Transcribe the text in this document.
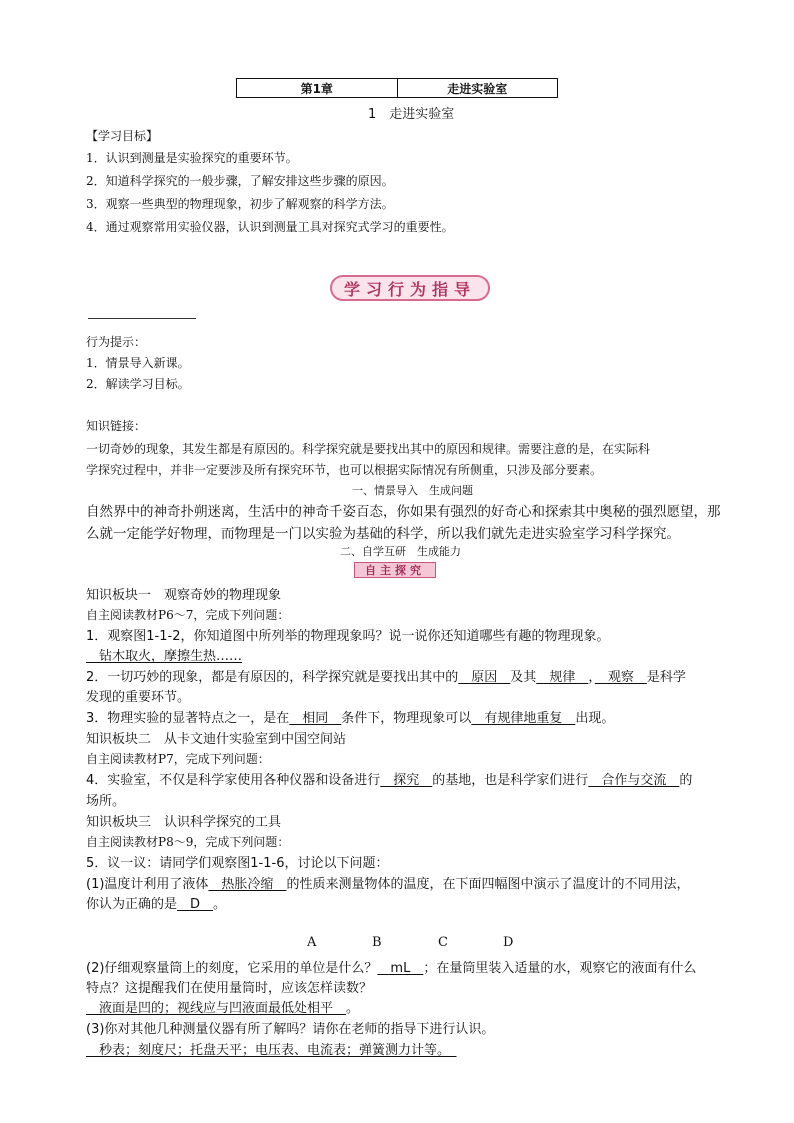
第1章	走进实验室
1　走进实验室
【学习目标】
1．认识到测量是实验探究的重要环节。
2．知道科学探究的一般步骤，了解安排这些步骤的原因。
3．观察一些典型的物理现象，初步了解观察的科学方法。
4．通过观察常用实验仪器，认识到测量工具对探究式学习的重要性。
学习行为指导
行为提示：
1．情景导入新课。
2．解读学习目标。
知识链接：
一切奇妙的现象，其发生都是有原因的。科学探究就是要找出其中的原因和规律。需要注意的是，在实际科
学探究过程中，并非一定要涉及所有探究环节，也可以根据实际情况有所侧重，只涉及部分要素。
一、情景导入　生成问题
自然界中的神奇扑朔迷离，生活中的神奇千姿百态，你如果有强烈的好奇心和探索其中奥秘的强烈愿望，那
么就一定能学好物理，而物理是一门以实验为基础的科学，所以我们就先走进实验室学习科学探究。
二、自学互研　生成能力
自主探究
知识板块一　观察奇妙的物理现象
自主阅读教材P6～7，完成下列问题：
1．观察图1-1-2，你知道图中所列举的物理现象吗？说一说你还知道哪些有趣的物理现象。
　钻木取火，摩擦生热……
2．一切巧妙的现象，都是有原因的，科学探究就是要找出其中的　原因　及其　规律　，　观察　是科学
发现的重要环节。
3．物理实验的显著特点之一，是在　相同　条件下，物理现象可以　有规律地重复　出现。
知识板块二　从卡文迪什实验室到中国空间站
自主阅读教材P7，完成下列问题：
4．实验室，不仅是科学家使用各种仪器和设备进行　探究　的基地，也是科学家们进行　合作与交流　的
场所。
知识板块三　认识科学探究的工具
自主阅读教材P8～9，完成下列问题：
5．议一议：请同学们观察图1-1-6，讨论以下问题：
(1)温度计利用了液体　热胀冷缩　的性质来测量物体的温度，在下面四幅图中演示了温度计的不同用法，
你认为正确的是　D　。
A	B	C	D
(2)仔细观察量筒上的刻度，它采用的单位是什么？　mL　；在量筒里装入适量的水，观察它的液面有什么
特点？这提醒我们在使用量筒时，应该怎样读数？
　液面是凹的；视线应与凹液面最低处相平　。
(3)你对其他几种测量仪器有所了解吗？请你在老师的指导下进行认识。
　秒表；刻度尺；托盘天平；电压表、电流表；弹簧测力计等。　
